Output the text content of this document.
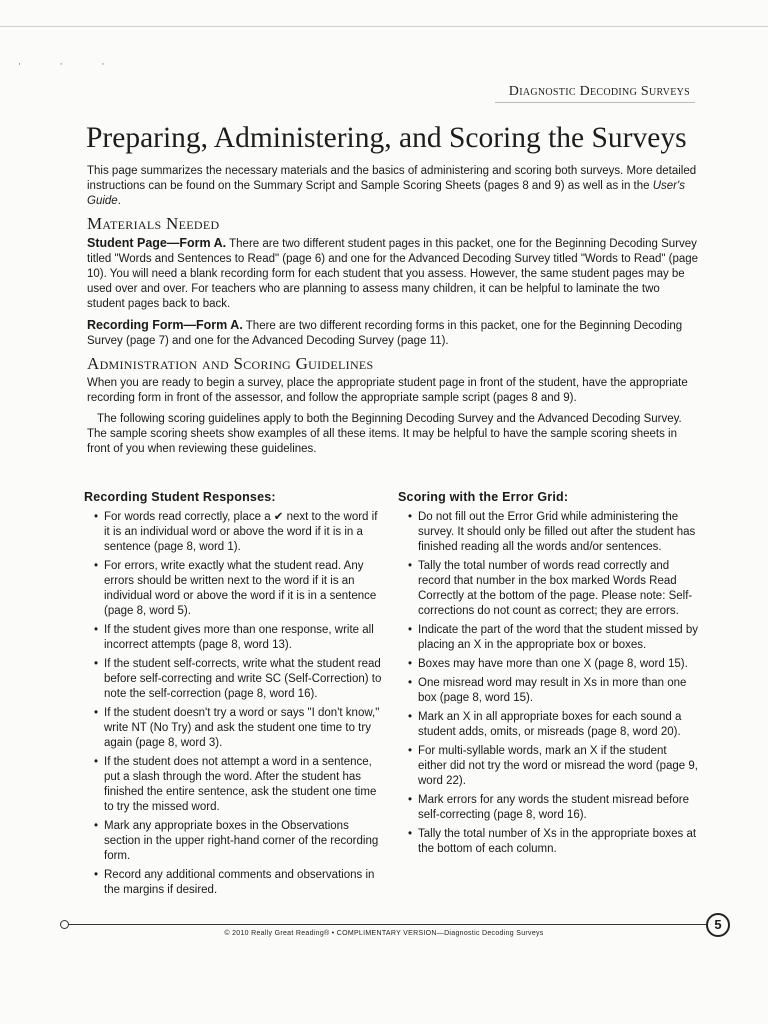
· · ·
Diagnostic Decoding Surveys
Preparing, Administering, and Scoring the Surveys

This page summarizes the necessary materials and the basics of administering and scoring both surveys. More detailed instructions can be found on the Summary Script and Sample Scoring Sheets (pages 8 and 9) as well as in the User's Guide.

Materials Needed

Student Page—Form A. There are two different student pages in this packet, one for the Beginning Decoding Survey titled "Words and Sentences to Read" (page 6) and one for the Advanced Decoding Survey titled "Words to Read" (page 10). You will need a blank recording form for each student that you assess. However, the same student pages may be used over and over. For teachers who are planning to assess many children, it can be helpful to laminate the two student pages back to back.

Recording Form—Form A. There are two different recording forms in this packet, one for the Beginning Decoding Survey (page 7) and one for the Advanced Decoding Survey (page 11).

Administration and Scoring Guidelines

When you are ready to begin a survey, place the appropriate student page in front of the student, have the appropriate recording form in front of the assessor, and follow the appropriate sample script (pages 8 and 9).

The following scoring guidelines apply to both the Beginning Decoding Survey and the Advanced Decoding Survey. The sample scoring sheets show examples of all these items. It may be helpful to have the sample scoring sheets in front of you when reviewing these guidelines.

Recording Student Responses:
• For words read correctly, place a ✔ next to the word if it is an individual word or above the word if it is in a sentence (page 8, word 1).
• For errors, write exactly what the student read. Any errors should be written next to the word if it is an individual word or above the word if it is in a sentence (page 8, word 5).
• If the student gives more than one response, write all incorrect attempts (page 8, word 13).
• If the student self-corrects, write what the student read before self-correcting and write SC (Self-Correction) to note the self-correction (page 8, word 16).
• If the student doesn't try a word or says "I don't know," write NT (No Try) and ask the student one time to try again (page 8, word 3).
• If the student does not attempt a word in a sentence, put a slash through the word. After the student has finished the entire sentence, ask the student one time to try the missed word.
• Mark any appropriate boxes in the Observations section in the upper right-hand corner of the recording form.
• Record any additional comments and observations in the margins if desired.
Scoring with the Error Grid:
• Do not fill out the Error Grid while administering the survey. It should only be filled out after the student has finished reading all the words and/or sentences.
• Tally the total number of words read correctly and record that number in the box marked Words Read Correctly at the bottom of the page. Please note: Self-corrections do not count as correct; they are errors.
• Indicate the part of the word that the student missed by placing an X in the appropriate box or boxes.
• Boxes may have more than one X (page 8, word 15).
• One misread word may result in Xs in more than one box (page 8, word 15).
• Mark an X in all appropriate boxes for each sound a student adds, omits, or misreads (page 8, word 20).
• For multi-syllable words, mark an X if the student either did not try the word or misread the word (page 9, word 22).
• Mark errors for any words the student misread before self-correcting (page 8, word 16).
• Tally the total number of Xs in the appropriate boxes at the bottom of each column.
5
© 2010 Really Great Reading® • COMPLIMENTARY VERSION—Diagnostic Decoding Surveys
